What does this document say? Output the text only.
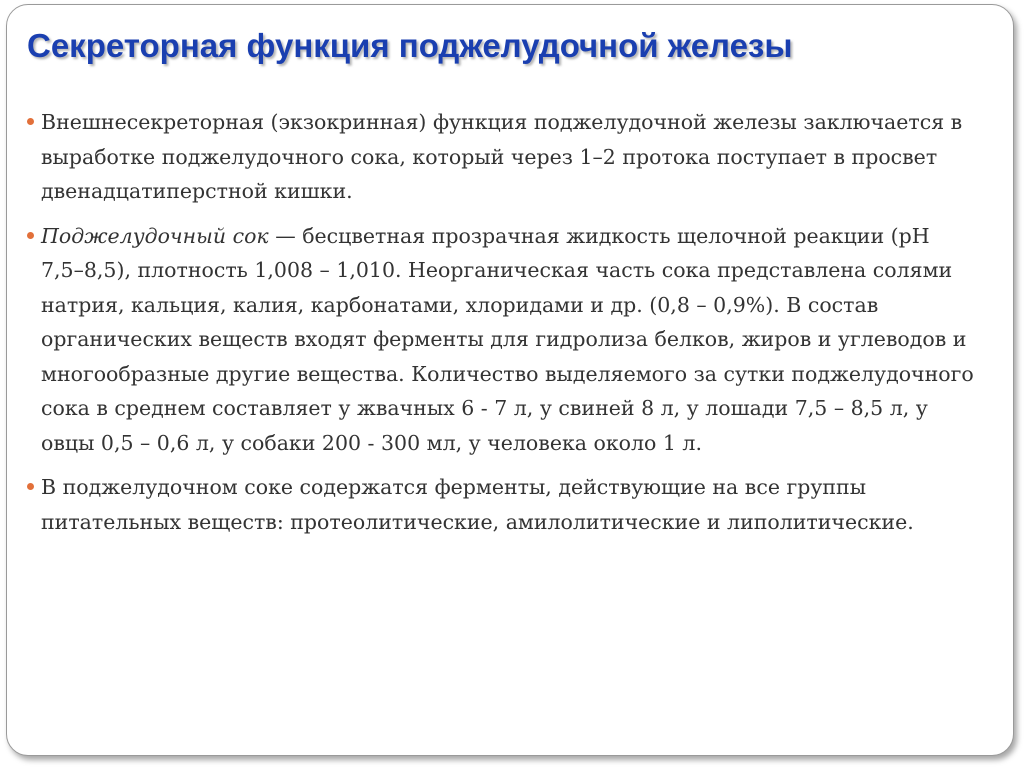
Секреторная функция поджелудочной железы
Внешнесекреторная (экзокринная) функция поджелудочной железы заключается в выработке поджелудочного сока, который через 1–2 протока поступает в просвет двенадцатиперстной кишки.
Поджелудочный сок — бесцветная прозрачная жидкость щелочной реакции (pH 7,5–8,5), плотность 1,008 – 1,010. Неорганическая часть сока представлена солями натрия, кальция, калия, карбонатами, хлоридами и др. (0,8 – 0,9%). В состав органических веществ входят ферменты для гидролиза белков, жиров и углеводов и многообразные другие вещества. Количество выделяемого за сутки поджелудочного сока в среднем составляет у жвачных 6 - 7 л, у свиней 8 л, у лошади 7,5 – 8,5 л, у овцы 0,5 – 0,6 л, у собаки 200 - 300 мл, у человека около 1 л.
В поджелудочном соке содержатся ферменты, действующие на все группы питательных веществ: протеолитические, амилолитические и липолитические.
